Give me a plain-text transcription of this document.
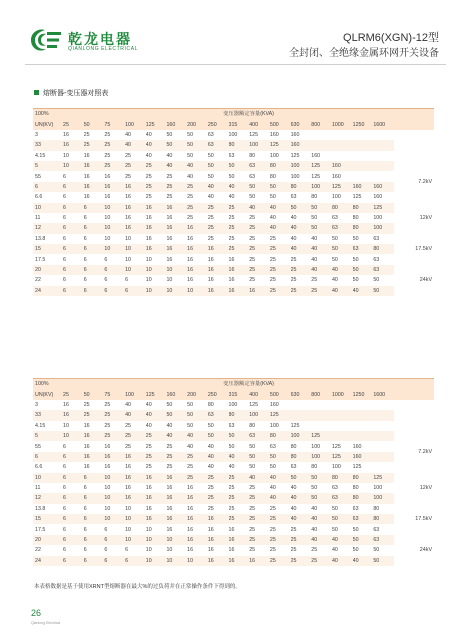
乾龙电器
QIANLONG ELECTRICAL
QLRM6(XGN)-12型
全封闭、全绝缘金属环网开关设备
熔断器-变压器对照表
100%	变压器额定容量(KVA)																
UN(KV)	25	50	75	100	125	160	200	250	315	400	500	630	800	1000	1250	1600	
3	16	25	25	40	40	50	50	63	100	125	160	160					
33	16	25	25	40	40	50	50	63	80	100	125	160					
4.15	10	16	25	25	40	40	50	50	63	80	100	125	160				
5	10	16	25	25	25	40	40	50	50	63	80	100	125	160			7.2kV
55	6	16	16	25	25	25	40	50	50	63	80	100	125	160			
6	6	16	16	16	25	25	25	40	40	50	50	80	100	125	160	160	
6.6	6	16	16	16	25	25	25	40	40	50	50	63	80	100	125	160	
10	6	6	10	16	16	16	25	25	25	40	40	50	50	80	80	125	12kV
11	6	6	10	16	16	16	25	25	25	25	40	40	50	63	80	100	
12	6	6	10	16	16	16	16	25	25	25	40	40	50	63	80	100	
13.8	6	6	10	10	16	16	16	25	25	25	25	40	40	50	50	63	17.5kV
15	6	6	10	10	16	16	16	16	25	25	25	40	40	50	63	80	
17.5	6	6	6	10	10	16	16	16	16	25	25	25	40	50	50	63	
20	6	6	6	10	10	10	16	16	16	25	25	25	40	40	50	63	24kV
22	6	6	6	6	10	10	16	16	16	25	25	25	25	40	50	50	
24	6	6	6	6	10	10	10	16	16	16	25	25	25	40	40	50	
100%	变压器额定容量(KVA)																
UN(KV)	25	50	75	100	125	160	200	250	315	400	500	630	800	1000	1250	1600	
3	16	25	25	40	40	50	50	80	100	125	160						
33	16	25	25	40	40	50	50	63	80	100	125						
4.15	10	16	25	25	40	40	50	50	63	80	100	125					
5	10	16	25	25	25	40	40	50	50	63	80	100	125				7.2kV
55	6	16	16	25	25	25	40	40	50	50	63	80	100	125	160		
6	6	16	16	16	25	25	25	40	40	50	50	80	100	125	160		
6.6	6	16	16	16	25	25	25	40	40	50	50	63	80	100	125		
10	6	6	10	16	16	16	25	25	25	40	40	50	50	80	80	125	12kV
11	6	6	10	16	16	16	16	25	25	25	40	40	50	63	80	100	
12	6	6	10	16	16	16	16	25	25	25	40	40	50	63	80	100	
13.8	6	6	10	10	16	16	16	25	25	25	25	40	40	50	63	80	17.5kV
15	6	6	10	10	16	16	16	16	25	25	25	40	40	50	63	80	
17.5	6	6	6	10	10	16	16	16	16	25	25	25	40	50	50	63	
20	6	6	6	10	10	10	16	16	16	25	25	25	40	40	50	63	24kV
22	6	6	6	6	10	10	16	16	16	25	25	25	25	40	50	50	
24	6	6	6	6	10	10	10	16	16	16	25	25	25	40	40	50	
本表格数据是基于使用XRNT型熔断器在最大%的过负荷并在正常操作条件下得到的。
26
Qianlong Electrical
